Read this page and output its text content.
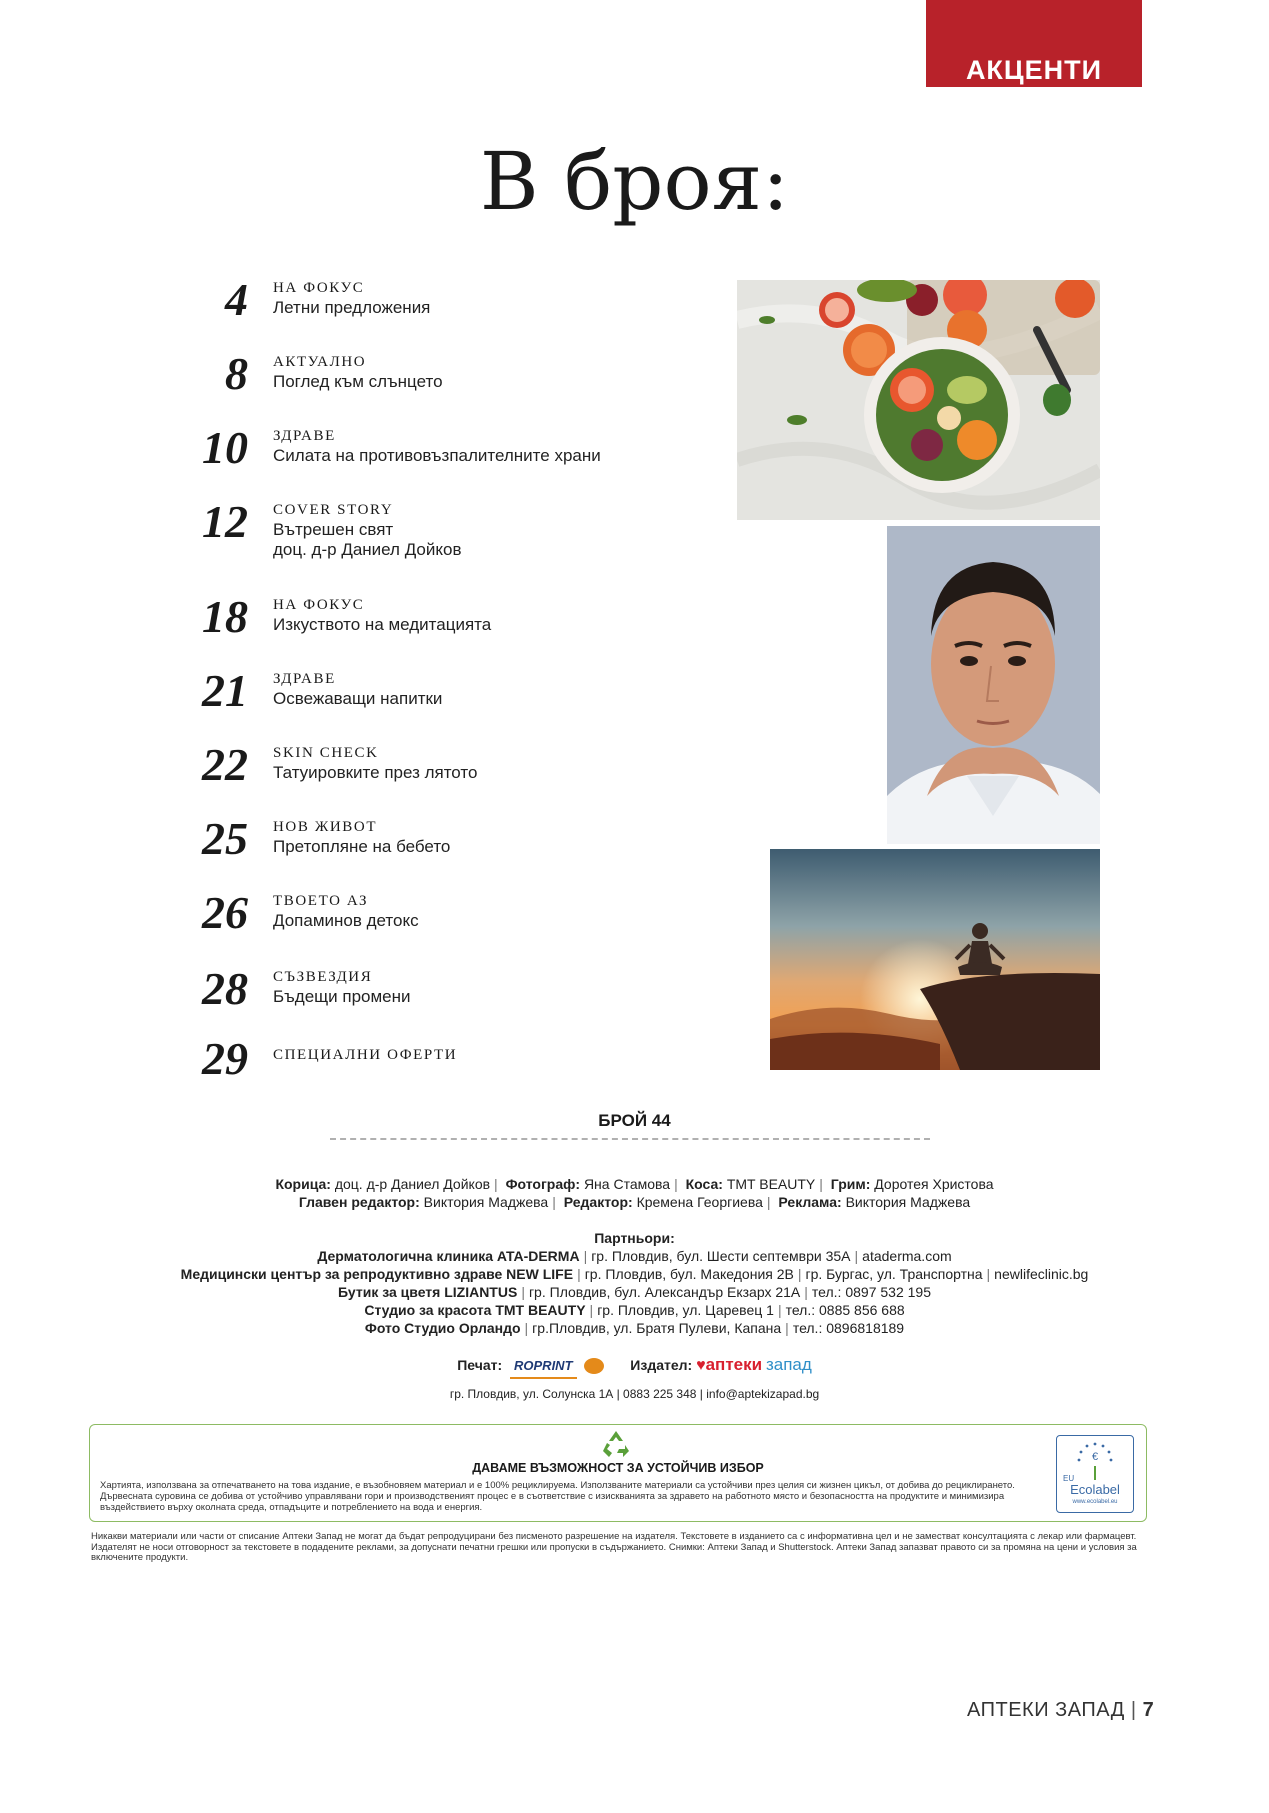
АКЦЕНТИ
В броя:
4 НА ФОКУС
Летни предложения
8 АКТУАЛНО
Поглед към слънцето
10 ЗДРАВЕ
Силата на противовъзпалителните храни
12 COVER STORY
Вътрешен свят
доц. д-р Даниел Дойков
18 НА ФОКУС
Изкуството на медитацията
21 ЗДРАВЕ
Освежаващи напитки
22 SKIN CHECK
Татуировките през лятото
25 НОВ ЖИВОТ
Претопляне на бебето
26 ТВОЕТО АЗ
Допаминов детокс
28 СЪЗВЕЗДИЯ
Бъдещи промени
29 СПЕЦИАЛНИ ОФЕРТИ
БРОЙ 44
Корица: доц. д-р Даниел Дойков | Фотограф: Яна Стамова | Коса: TMT BEAUTY | Грим: Доротея Христова
Главен редактор: Виктория Маджева | Редактор: Кремена Георгиева | Реклама: Виктория Маджева
Партньори:
Дерматологична клиника ATA-DERMA | гр. Пловдив, бул. Шести септември 35А | ataderma.com
Медицински център за репродуктивно здраве NEW LIFE | гр. Пловдив, бул. Македония 2В | гр. Бургас, ул. Транспортна | newlifeclinic.bg
Бутик за цветя LIZIANTUS | гр. Пловдив, бул. Александър Екзарх 21А | тел.: 0897 532 195
Студио за красота TMT BEAUTY | гр. Пловдив, ул. Царевец 1 | тел.: 0885 856 688
Фото Студио Орландо | гр.Пловдив, ул. Братя Пулеви, Капана | тел.: 0896818189
Печат: ROPRINT	Издател: ♥аптеки запад
гр. Пловдив, ул. Солунска 1А | 0883 225 348 | info@aptekizapad.bg
ДАВАМЕ ВЪЗМОЖНОСТ ЗА УСТОЙЧИВ ИЗБОР
Хартията, използвана за отпечатването на това издание, е възобновяем материал и е 100% рециклируема. Използваните материали са устойчиви през целия си жизнен цикъл, от добива до рециклирането. Дървесната суровина се добива от устойчиво управлявани гори и производственият процес е в съответствие с изискванията за здравето на работното място и безопасността на продуктите и минимизира въздействието върху околната среда, отпадъците и потреблението на вода и енергия.
€
EU
Ecolabel
www.ecolabel.eu
Никакви материали или части от списание Аптеки Запад не могат да бъдат репродуцирани без писменото разрешение на издателя. Текстовете в изданието са с информативна цел и не заместват консултацията с лекар или фармацевт. Издателят не носи отговорност за текстовете в подадените реклами, за допуснати печатни грешки или пропуски в съдържанието. Снимки: Аптеки Запад и Shutterstock. Аптеки Запад запазват правото си за промяна на цени и условия за включените продукти.
АПТЕКИ ЗАПАД | 7
